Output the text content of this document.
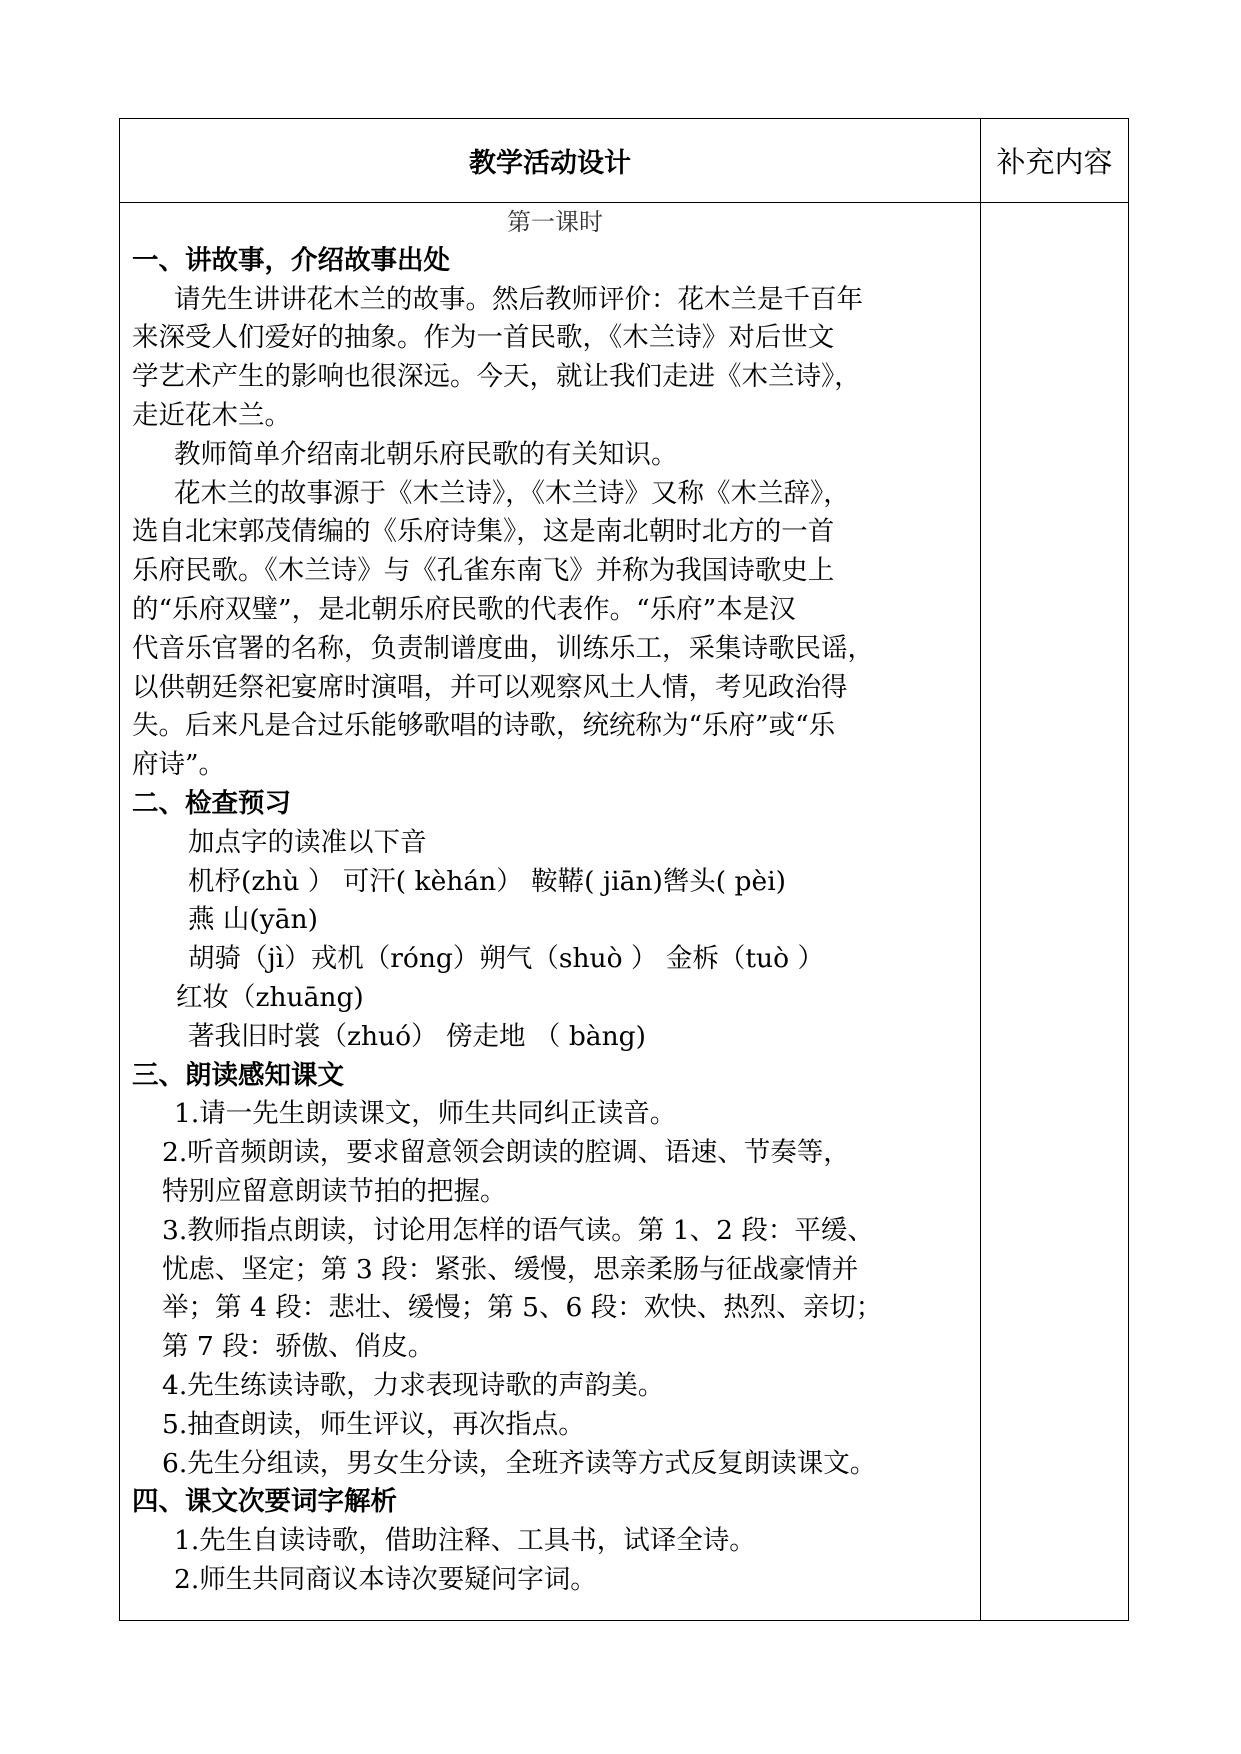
教学活动设计	补充内容
第一课时
一、讲故事，介绍故事出处
请先生讲讲花木兰的故事。然后教师评价：花木兰是千百年
来深受人们爱好的抽象。作为一首民歌，《木兰诗》对后世文
学艺术产生的影响也很深远。今天，就让我们走进《木兰诗》，
走近花木兰。
教师简单介绍南北朝乐府民歌的有关知识。
花木兰的故事源于《木兰诗》，《木兰诗》又称《木兰辞》，
选自北宋郭茂倩编的《乐府诗集》，这是南北朝时北方的一首
乐府民歌。《木兰诗》与《孔雀东南飞》并称为我国诗歌史上
的“乐府双璧”，是北朝乐府民歌的代表作。“乐府”本是汉
代音乐官署的名称，负责制谱度曲，训练乐工，采集诗歌民谣，
以供朝廷祭祀宴席时演唱，并可以观察风土人情，考见政治得
失。后来凡是合过乐能够歌唱的诗歌，统统称为“乐府”或“乐
府诗”。
二、检查预习
加点字的读准以下音
机杼(zhù ） 可汗( kèhán） 鞍鞯( jiān)辔头( pèi)
燕 山(yān)
胡骑（jì）戎机（róng）朔气（shuò ） 金柝（tuò ）
红妆（zhuāng)
著我旧时裳（zhuó） 傍走地 （ bàng)
三、朗读感知课文
1.请一先生朗读课文，师生共同纠正读音。
2.听音频朗读，要求留意领会朗读的腔调、语速、节奏等，
特别应留意朗读节拍的把握。
3.教师指点朗读，讨论用怎样的语气读。第 1、2 段：平缓、
忧虑、坚定；第 3 段：紧张、缓慢，思亲柔肠与征战豪情并
举；第 4 段：悲壮、缓慢；第 5、6 段：欢快、热烈、亲切；
第 7 段：骄傲、俏皮。
4.先生练读诗歌，力求表现诗歌的声韵美。
5.抽查朗读，师生评议，再次指点。
6.先生分组读，男女生分读，全班齐读等方式反复朗读课文。
四、课文次要词字解析
1.先生自读诗歌，借助注释、工具书，试译全诗。
2.师生共同商议本诗次要疑问字词。
